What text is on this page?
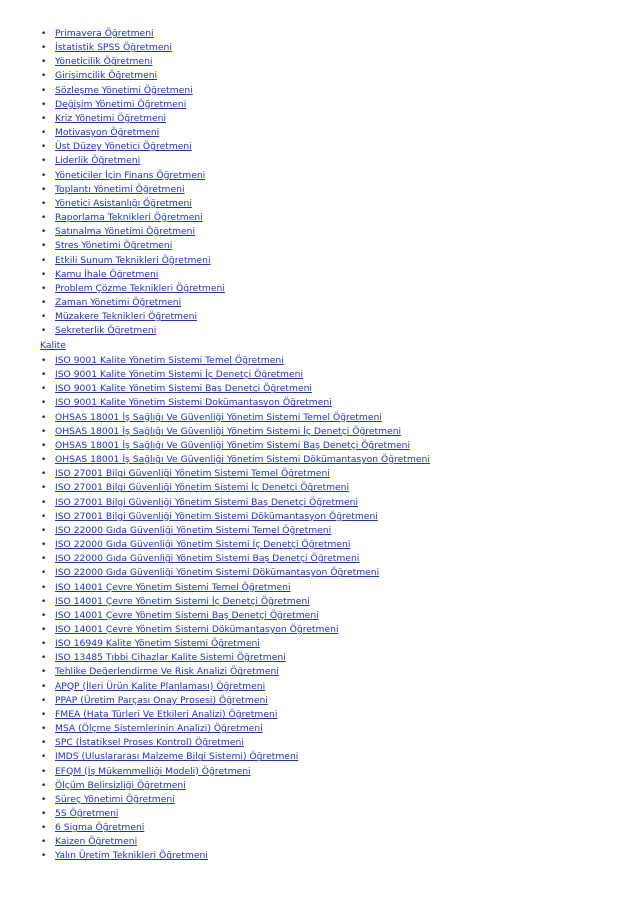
• Primavera Öğretmeni
• İstatistik SPSS Öğretmeni
• Yöneticilik Öğretmeni
• Girişimcilik Öğretmeni
• Sözleşme Yönetimi Öğretmeni
• Değişim Yönetimi Öğretmeni
• Kriz Yönetimi Öğretmeni
• Motivasyon Öğretmeni
• Üst Düzey Yönetici Öğretmeni
• Liderlik Öğretmeni
• Yöneticiler İçin Finans Öğretmeni
• Toplantı Yönetimi Öğretmeni
• Yönetici Asistanlığı Öğretmeni
• Raporlama Teknikleri Öğretmeni
• Satınalma Yönetimi Öğretmeni
• Stres Yönetimi Öğretmeni
• Etkili Sunum Teknikleri Öğretmeni
• Kamu İhale Öğretmeni
• Problem Çözme Teknikleri Öğretmeni
• Zaman Yönetimi Öğretmeni
• Müzakere Teknikleri Öğretmeni
• Sekreterlik Öğretmeni
Kalite
• ISO 9001 Kalite Yönetim Sistemi Temel Öğretmeni
• ISO 9001 Kalite Yönetim Sistemi İç Denetçi Öğretmeni
• ISO 9001 Kalite Yönetim Sistemi Baş Denetçi Öğretmeni
• ISO 9001 Kalite Yönetim Sistemi Dokümantasyon Öğretmeni
• OHSAS 18001 İş Sağlığı Ve Güvenliği Yönetim Sistemi Temel Öğretmeni
• OHSAS 18001 İş Sağlığı Ve Güvenliği Yönetim Sistemi İç Denetçi Öğretmeni
• OHSAS 18001 İş Sağlığı Ve Güvenliği Yönetim Sistemi Baş Denetçi Öğretmeni
• OHSAS 18001 İş Sağlığı Ve Güvenliği Yönetim Sistemi Dökümantasyon Öğretmeni
• ISO 27001 Bilgi Güvenliği Yönetim Sistemi Temel Öğretmeni
• ISO 27001 Bilgi Güvenliği Yönetim Sistemi İç Denetçi Öğretmeni
• ISO 27001 Bilgi Güvenliği Yönetim Sistemi Baş Denetçi Öğretmeni
• ISO 27001 Bilgi Güvenliği Yönetim Sistemi Dökümantasyon Öğretmeni
• ISO 22000 Gıda Güvenliği Yönetim Sistemi Temel Öğretmeni
• ISO 22000 Gıda Güvenliği Yönetim Sistemi İç Denetçi Öğretmeni
• ISO 22000 Gıda Güvenliği Yönetim Sistemi Baş Denetçi Öğretmeni
• ISO 22000 Gıda Güvenliği Yönetim Sistemi Dökümantasyon Öğretmeni
• ISO 14001 Çevre Yönetim Sistemi Temel Öğretmeni
• ISO 14001 Çevre Yönetim Sistemi İç Denetçi Öğretmeni
• ISO 14001 Çevre Yönetim Sistemi Baş Denetçi Öğretmeni
• ISO 14001 Çevre Yönetim Sistemi Dökümantasyon Öğretmeni
• ISO 16949 Kalite Yönetim Sistemi Öğretmeni
• ISO 13485 Tıbbi Cihazlar Kalite Sistemi Öğretmeni
• Tehlike Değerlendirme Ve Risk Analizi Öğretmeni
• APQP (İleri Ürün Kalite Planlaması) Öğretmeni
• PPAP (Üretim Parçası Onay Prosesi) Öğretmeni
• FMEA (Hata Türleri Ve Etkileri Analizi) Öğretmeni
• MSA (Ölçme Sistemlerinin Analizi) Öğretmeni
• SPC (İstatiksel Proses Kontrol) Öğretmeni
• IMDS (Uluslararası Malzeme Bilgi Sistemi) Öğretmeni
• EFQM (İş Mükemmelliği Modeli) Öğretmeni
• Ölçüm Belirsizliği Öğretmeni
• Süreç Yönetimi Öğretmeni
• 5S Öğretmeni
• 6 Sigma Öğretmeni
• Kaizen Öğretmeni
• Yalın Üretim Teknikleri Öğretmeni
